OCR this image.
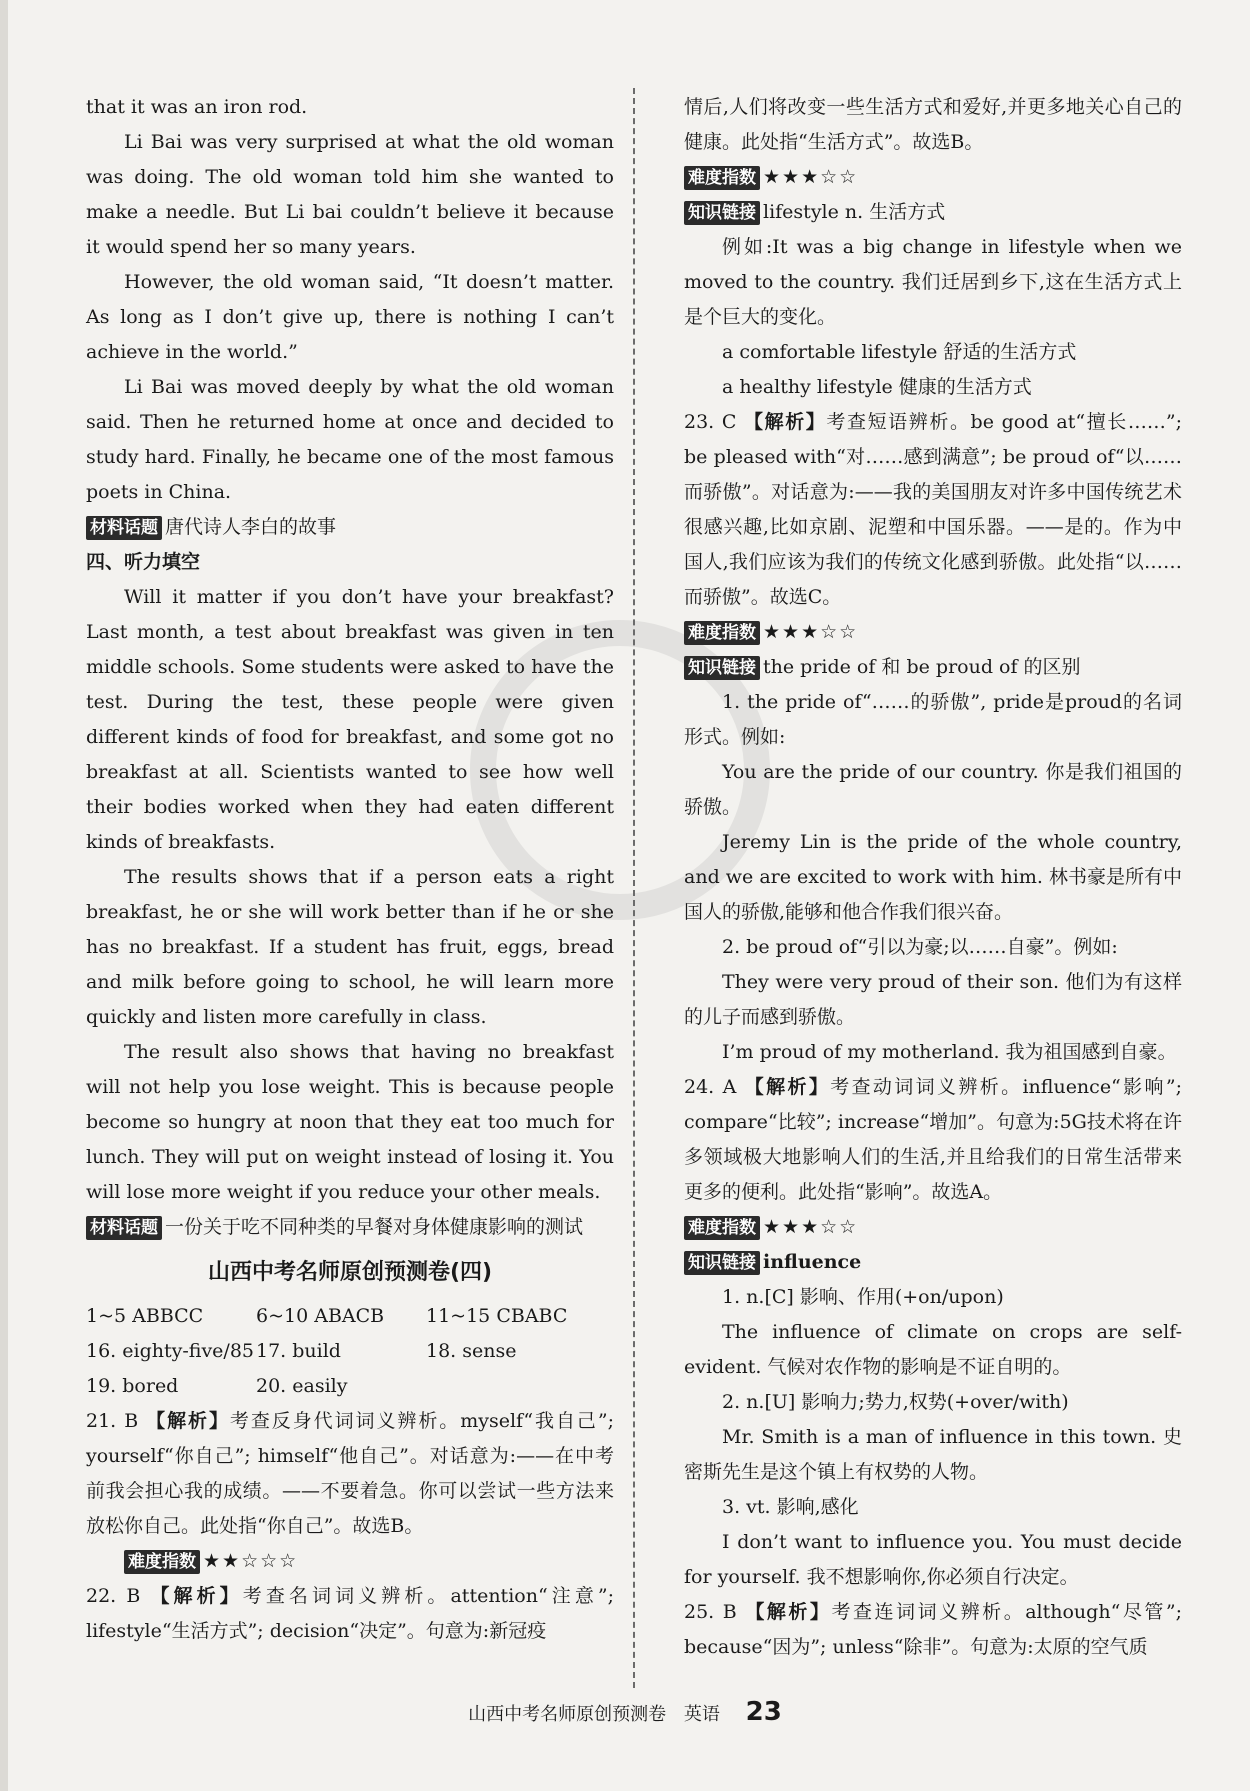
that it was an iron rod.

Li Bai was very surprised at what the old woman was doing. The old woman told him she wanted to make a needle. But Li bai couldn’t believe it because it would spend her so many years.

However, the old woman said, “It doesn’t matter. As long as I don’t give up, there is nothing I can’t achieve in the world.”

Li Bai was moved deeply by what the old woman said. Then he returned home at once and decided to study hard. Finally, he became one of the most famous poets in China.

材料话题 唐代诗人李白的故事
四、听力填空

Will it matter if you don’t have your breakfast? Last month, a test about breakfast was given in ten middle schools. Some students were asked to have the test. During the test, these people were given different kinds of food for breakfast, and some got no breakfast at all. Scientists wanted to see how well their bodies worked when they had eaten different kinds of breakfasts.

The results shows that if a person eats a right breakfast, he or she will work better than if he or she has no breakfast. If a student has fruit, eggs, bread and milk before going to school, he will learn more quickly and listen more carefully in class.

The result also shows that having no breakfast will not help you lose weight. This is because people become so hungry at noon that they eat too much for lunch. They will put on weight instead of losing it. You will lose more weight if you reduce your other meals.

材料话题 一份关于吃不同种类的早餐对身体健康影响的测试
山西中考名师原创预测卷(四)
1~5 ABBCC	6~10 ABACB	11~15 CBABC
16. eighty-five/85 17. build	18. sense
19. bored	20. easily

21. B 【解析】考查反身代词词义辨析。myself“我自己”; yourself“你自己”; himself“他自己”。对话意为:——在中考前我会担心我的成绩。——不要着急。你可以尝试一些方法来放松你自己。此处指“你自己”。故选B。

难度指数 ★★☆☆☆

22. B 【解析】考查名词词义辨析。attention“注意”; lifestyle“生活方式”; decision“决定”。句意为:新冠疫

情后,人们将改变一些生活方式和爱好,并更多地关心自己的健康。此处指“生活方式”。故选B。

难度指数 ★★★☆☆
知识链接 lifestyle n. 生活方式

例如:It was a big change in lifestyle when we moved to the country. 我们迁居到乡下,这在生活方式上是个巨大的变化。

a comfortable lifestyle 舒适的生活方式

a healthy lifestyle 健康的生活方式

23. C 【解析】考查短语辨析。be good at“擅长……”; be pleased with“对……感到满意”; be proud of“以……而骄傲”。对话意为:——我的美国朋友对许多中国传统艺术很感兴趣,比如京剧、泥塑和中国乐器。——是的。作为中国人,我们应该为我们的传统文化感到骄傲。此处指“以……而骄傲”。故选C。

难度指数 ★★★☆☆
知识链接 the pride of 和 be proud of 的区别

1. the pride of“……的骄傲”, pride是proud的名词形式。例如:

You are the pride of our country. 你是我们祖国的骄傲。

Jeremy Lin is the pride of the whole country, and we are excited to work with him. 林书豪是所有中国人的骄傲,能够和他合作我们很兴奋。

2. be proud of“引以为豪;以……自豪”。例如:

They were very proud of their son. 他们为有这样的儿子而感到骄傲。

I’m proud of my motherland. 我为祖国感到自豪。

24. A 【解析】考查动词词义辨析。influence“影响”; compare“比较”; increase“增加”。句意为:5G技术将在许多领域极大地影响人们的生活,并且给我们的日常生活带来更多的便利。此处指“影响”。故选A。

难度指数 ★★★☆☆
知识链接 influence

1. n.[C] 影响、作用(+on/upon)

The influence of climate on crops are self-evident. 气候对农作物的影响是不证自明的。

2. n.[U] 影响力;势力,权势(+over/with)

Mr. Smith is a man of influence in this town. 史密斯先生是这个镇上有权势的人物。

3. vt. 影响,感化

I don’t want to influence you. You must decide for yourself. 我不想影响你,你必须自行决定。

25. B 【解析】考查连词词义辨析。although“尽管”; because“因为”; unless“除非”。句意为:太原的空气质

山西中考名师原创预测卷 英语 23
